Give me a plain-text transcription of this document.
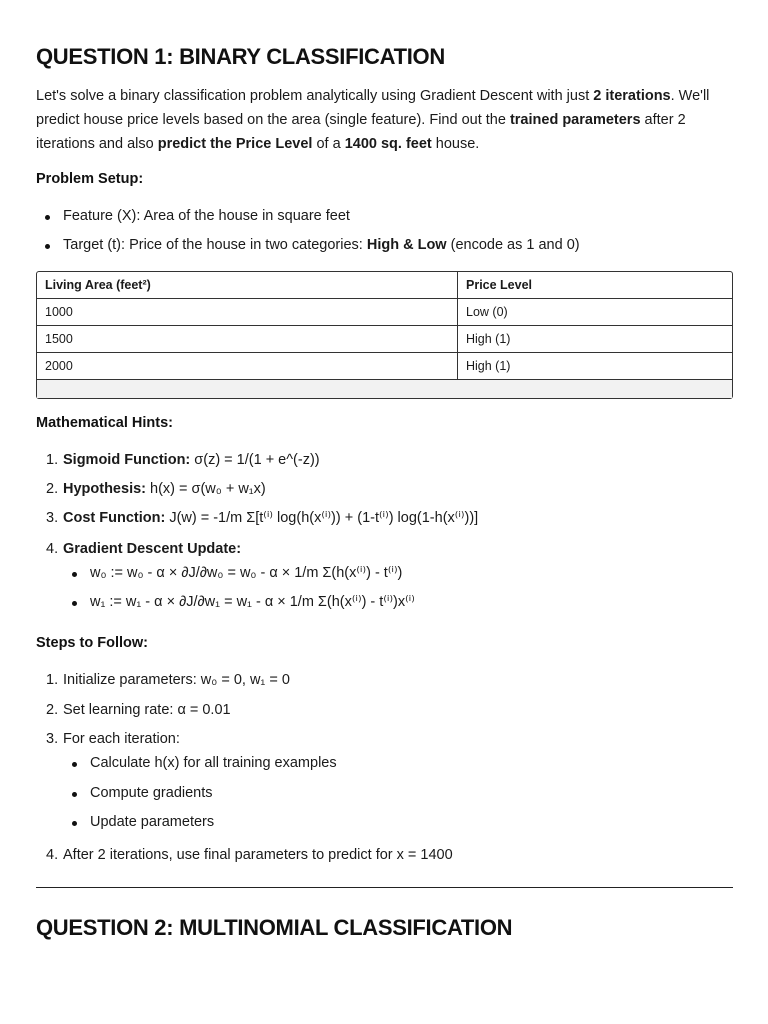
QUESTION 1: BINARY CLASSIFICATION
Let's solve a binary classification problem analytically using Gradient Descent with just 2 iterations. We'll predict house price levels based on the area (single feature). Find out the trained parameters after 2 iterations and also predict the Price Level of a 1400 sq. feet house.
Problem Setup:
Feature (X): Area of the house in square feet
Target (t): Price of the house in two categories: High & Low (encode as 1 and 0)
Living Area (feet²)	Price Level
1000	Low (0)
1500	High (1)
2000	High (1)

Mathematical Hints:
1. Sigmoid Function: σ(z) = 1/(1 + e^(-z))
2. Hypothesis: h(x) = σ(w₀ + w₁x)
3. Cost Function: J(w) = -1/m Σ[t⁽ⁱ⁾ log(h(x⁽ⁱ⁾)) + (1-t⁽ⁱ⁾) log(1-h(x⁽ⁱ⁾))]
4. Gradient Descent Update:
w₀ := w₀ - α × ∂J/∂w₀ = w₀ - α × 1/m Σ(h(x⁽ⁱ⁾) - t⁽ⁱ⁾)
w₁ := w₁ - α × ∂J/∂w₁ = w₁ - α × 1/m Σ(h(x⁽ⁱ⁾) - t⁽ⁱ⁾)x⁽ⁱ⁾
Steps to Follow:
1. Initialize parameters: w₀ = 0, w₁ = 0
2. Set learning rate: α = 0.01
3. For each iteration:
Calculate h(x) for all training examples
Compute gradients
Update parameters
4. After 2 iterations, use final parameters to predict for x = 1400
QUESTION 2: MULTINOMIAL CLASSIFICATION
